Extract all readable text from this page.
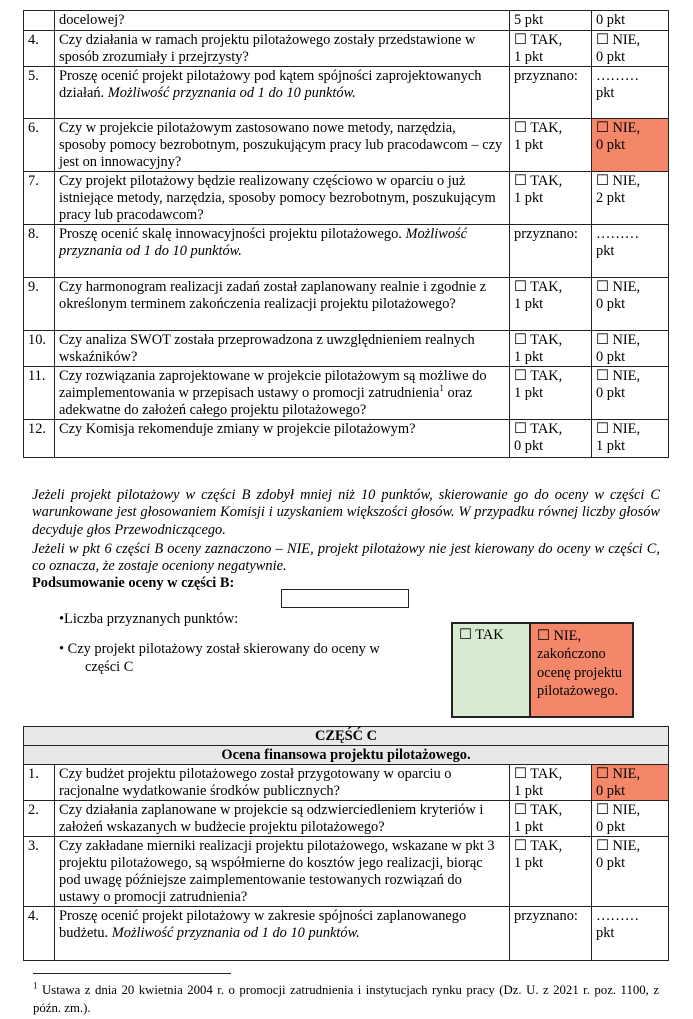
	docelowej?	5 pkt	0 pkt
4.	Czy działania w ramach projektu pilotażowego zostały przedstawione w sposób zrozumiały i przejrzysty?	☐ TAK,
1 pkt	☐ NIE,
0 pkt
5.	Proszę ocenić projekt pilotażowy pod kątem spójności zaprojektowanych działań. Możliwość przyznania od 1 do 10 punktów.	przyznano:	………
pkt
6.	Czy w projekcie pilotażowym zastosowano nowe metody, narzędzia, sposoby pomocy bezrobotnym, poszukującym pracy lub pracodawcom – czy jest on innowacyjny?	☐ TAK,
1 pkt	☐ NIE,
0 pkt
7.	Czy projekt pilotażowy będzie realizowany częściowo w oparciu o już istniejące metody, narzędzia, sposoby pomocy bezrobotnym, poszukującym pracy lub pracodawcom?	☐ TAK,
1 pkt	☐ NIE,
2 pkt
8.	Proszę ocenić skalę innowacyjności projektu pilotażowego. Możliwość przyznania od 1 do 10 punktów.	przyznano:	………
pkt
9.	Czy harmonogram realizacji zadań został zaplanowany realnie i zgodnie z określonym terminem zakończenia realizacji projektu pilotażowego?	☐ TAK,
1 pkt	☐ NIE,
0 pkt
10.	Czy analiza SWOT została przeprowadzona z uwzględnieniem realnych wskaźników?	☐ TAK,
1 pkt	☐ NIE,
0 pkt
11.	Czy rozwiązania zaprojektowane w projekcie pilotażowym są możliwe do zaimplementowania w przepisach ustawy o promocji zatrudnienia$^1$ oraz adekwatne do założeń całego projektu pilotażowego?	☐ TAK,
1 pkt	☐ NIE,
0 pkt
12.	Czy Komisja rekomenduje zmiany w projekcie pilotażowym?	☐ TAK,
0 pkt	☐ NIE,
1 pkt
Jeżeli projekt pilotażowy w części B zdobył mniej niż 10 punktów, skierowanie go do oceny w części C warunkowane jest głosowaniem Komisji i uzyskaniem większości głosów. W przypadku równej liczby głosów decyduje głos Przewodniczącego.
Jeżeli w pkt 6 części B oceny zaznaczono – NIE, projekt pilotażowy nie jest kierowany do oceny w części C, co oznacza, że zostaje oceniony negatywnie.
Podsumowanie oceny w części B:
•Liczba przyznanych punktów:
• Czy projekt pilotażowy został skierowany do oceny w
części C
☐ TAK	☐ NIE, zakończono ocenę projektu pilotażowego.
CZĘŚĆ C			
Ocena finansowa projektu pilotażowego.			
1.	Czy budżet projektu pilotażowego został przygotowany w oparciu o racjonalne wydatkowanie środków publicznych?	☐ TAK,
1 pkt	☐ NIE,
0 pkt
2.	Czy działania zaplanowane w projekcie są odzwierciedleniem kryteriów i założeń wskazanych w budżecie projektu pilotażowego?	☐ TAK,
1 pkt	☐ NIE,
0 pkt
3.	Czy zakładane mierniki realizacji projektu pilotażowego, wskazane w pkt 3 projektu pilotażowego, są współmierne do kosztów jego realizacji, biorąc pod uwagę późniejsze zaimplementowanie testowanych rozwiązań do ustawy o promocji zatrudnienia?	☐ TAK,
1 pkt	☐ NIE,
0 pkt
4.	Proszę ocenić projekt pilotażowy w zakresie spójności zaplanowanego budżetu. Możliwość przyznania od 1 do 10 punktów.	przyznano:	………
pkt
$^1$ Ustawa z dnia 20 kwietnia 2004 r. o promocji zatrudnienia i instytucjach rynku pracy (Dz. U. z 2021 r. poz. 1100, z późn. zm.).
